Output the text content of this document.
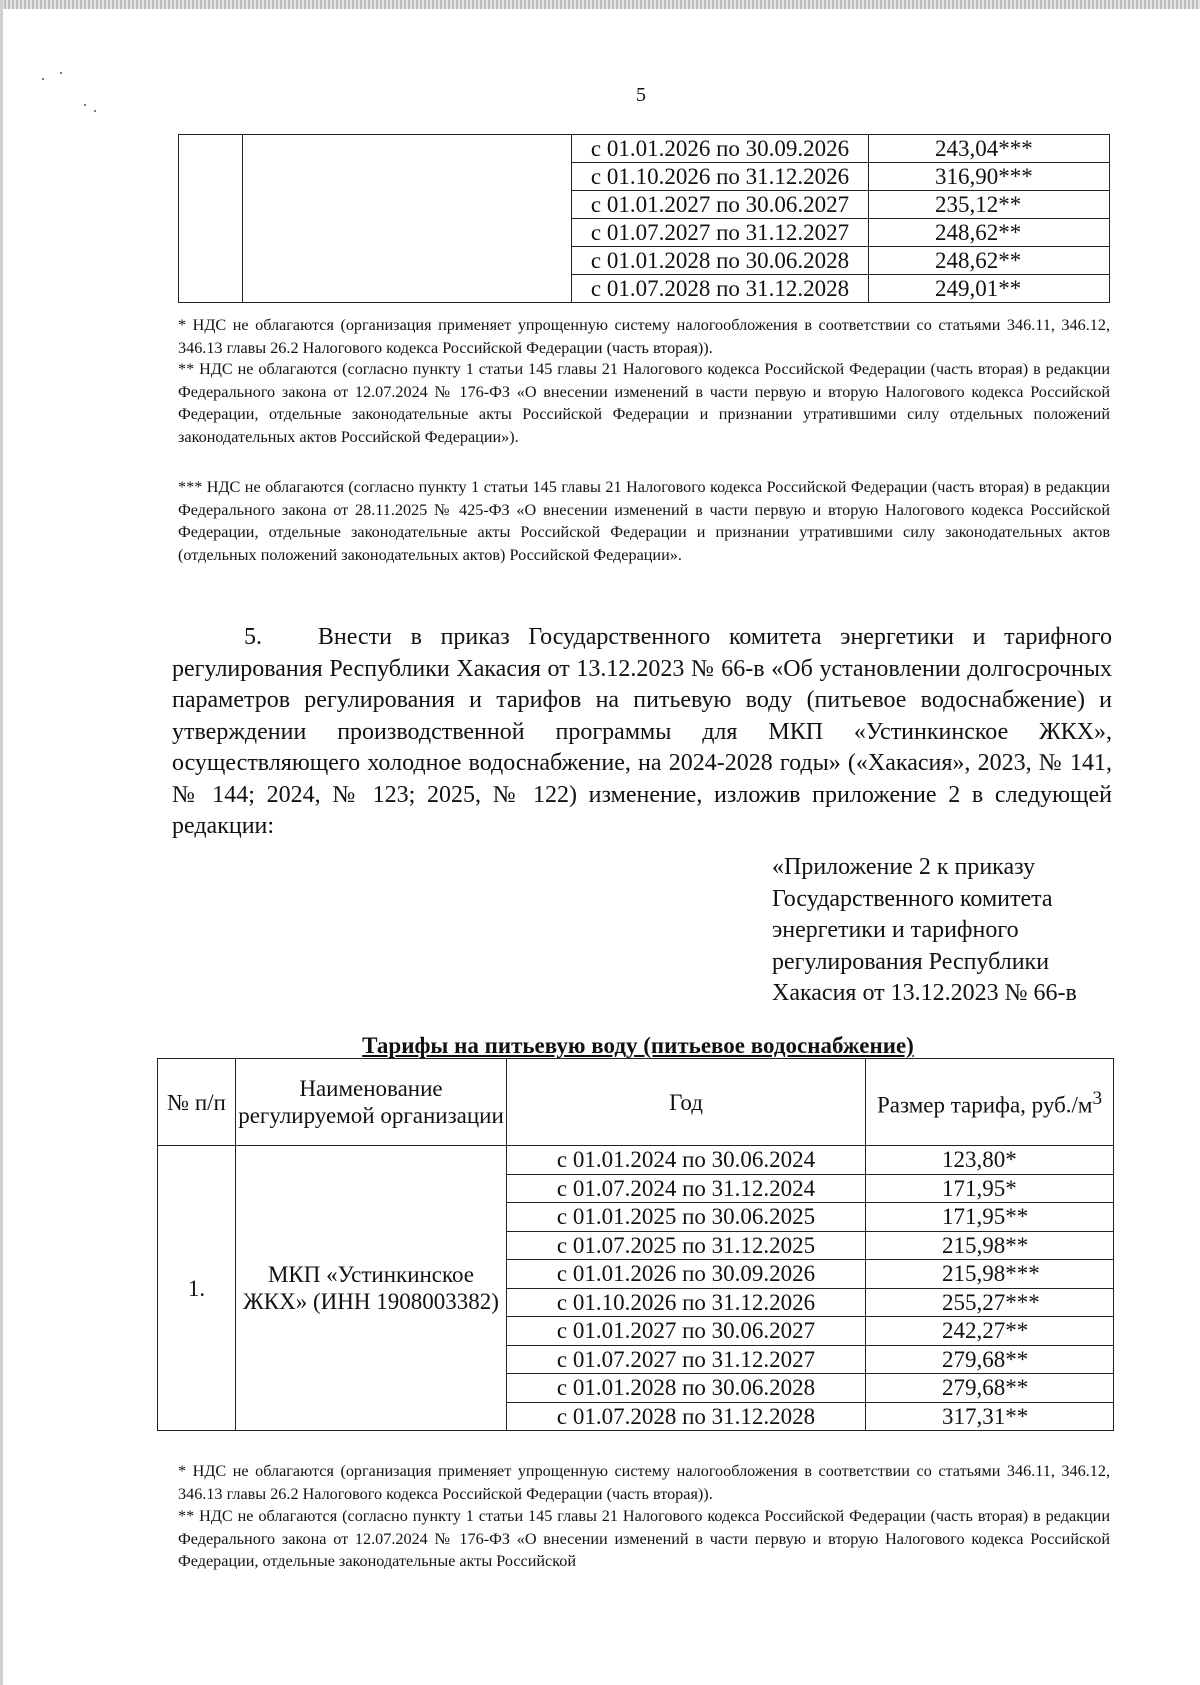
5
		с 01.01.2026 по 30.09.2026	243,04***
		с 01.10.2026 по 31.12.2026	316,90***
		с 01.01.2027 по 30.06.2027	235,12**
		с 01.07.2027 по 31.12.2027	248,62**
		с 01.01.2028 по 30.06.2028	248,62**
		с 01.07.2028 по 31.12.2028	249,01**
* НДС не облагаются (организация применяет упрощенную систему налогообложения в соответствии со статьями 346.11, 346.12, 346.13 главы 26.2 Налогового кодекса Российской Федерации (часть вторая)).
** НДС не облагаются (согласно пункту 1 статьи 145 главы 21 Налогового кодекса Российской Федерации (часть вторая) в редакции Федерального закона от 12.07.2024 № 176-ФЗ «О внесении изменений в части первую и вторую Налогового кодекса Российской Федерации, отдельные законодательные акты Российской Федерации и признании утратившими силу отдельных положений законодательных актов Российской Федерации»).
*** НДС не облагаются (согласно пункту 1 статьи 145 главы 21 Налогового кодекса Российской Федерации (часть вторая) в редакции Федерального закона от 28.11.2025 № 425-ФЗ «О внесении изменений в части первую и вторую Налогового кодекса Российской Федерации, отдельные законодательные акты Российской Федерации и признании утратившими силу законодательных актов (отдельных положений законодательных актов) Российской Федерации».
5. Внести в приказ Государственного комитета энергетики и тарифного регулирования Республики Хакасия от 13.12.2023 № 66-в «Об установлении долгосрочных параметров регулирования и тарифов на питьевую воду (питьевое водоснабжение) и утверждении производственной программы для МКП «Устинкинское ЖКХ», осуществляющего холодное водоснабжение, на 2024-2028 годы» («Хакасия», 2023, № 141, № 144; 2024, № 123; 2025, № 122) изменение, изложив приложение 2 в следующей редакции:
«Приложение 2 к приказу
Государственного комитета
энергетики и тарифного
регулирования Республики
Хакасия от 13.12.2023 № 66-в
Тарифы на питьевую воду (питьевое водоснабжение)
№ п/п	Наименование регулируемой организации	Год	Размер тарифа, $руб./м^3$
1.	МКП «Устинкинское ЖКХ» (ИНН 1908003382)	с 01.01.2024 по 30.06.2024	123,80*
		с 01.07.2024 по 31.12.2024	171,95*
		с 01.01.2025 по 30.06.2025	171,95**
		с 01.07.2025 по 31.12.2025	215,98**
		с 01.01.2026 по 30.09.2026	215,98***
		с 01.10.2026 по 31.12.2026	255,27***
		с 01.01.2027 по 30.06.2027	242,27**
		с 01.07.2027 по 31.12.2027	279,68**
		с 01.01.2028 по 30.06.2028	279,68**
		с 01.07.2028 по 31.12.2028	317,31**
* НДС не облагаются (организация применяет упрощенную систему налогообложения в соответствии со статьями 346.11, 346.12, 346.13 главы 26.2 Налогового кодекса Российской Федерации (часть вторая)).
** НДС не облагаются (согласно пункту 1 статьи 145 главы 21 Налогового кодекса Российской Федерации (часть вторая) в редакции Федерального закона от 12.07.2024 № 176-ФЗ «О внесении изменений в части первую и вторую Налогового кодекса Российской Федерации, отдельные законодательные акты Российской
